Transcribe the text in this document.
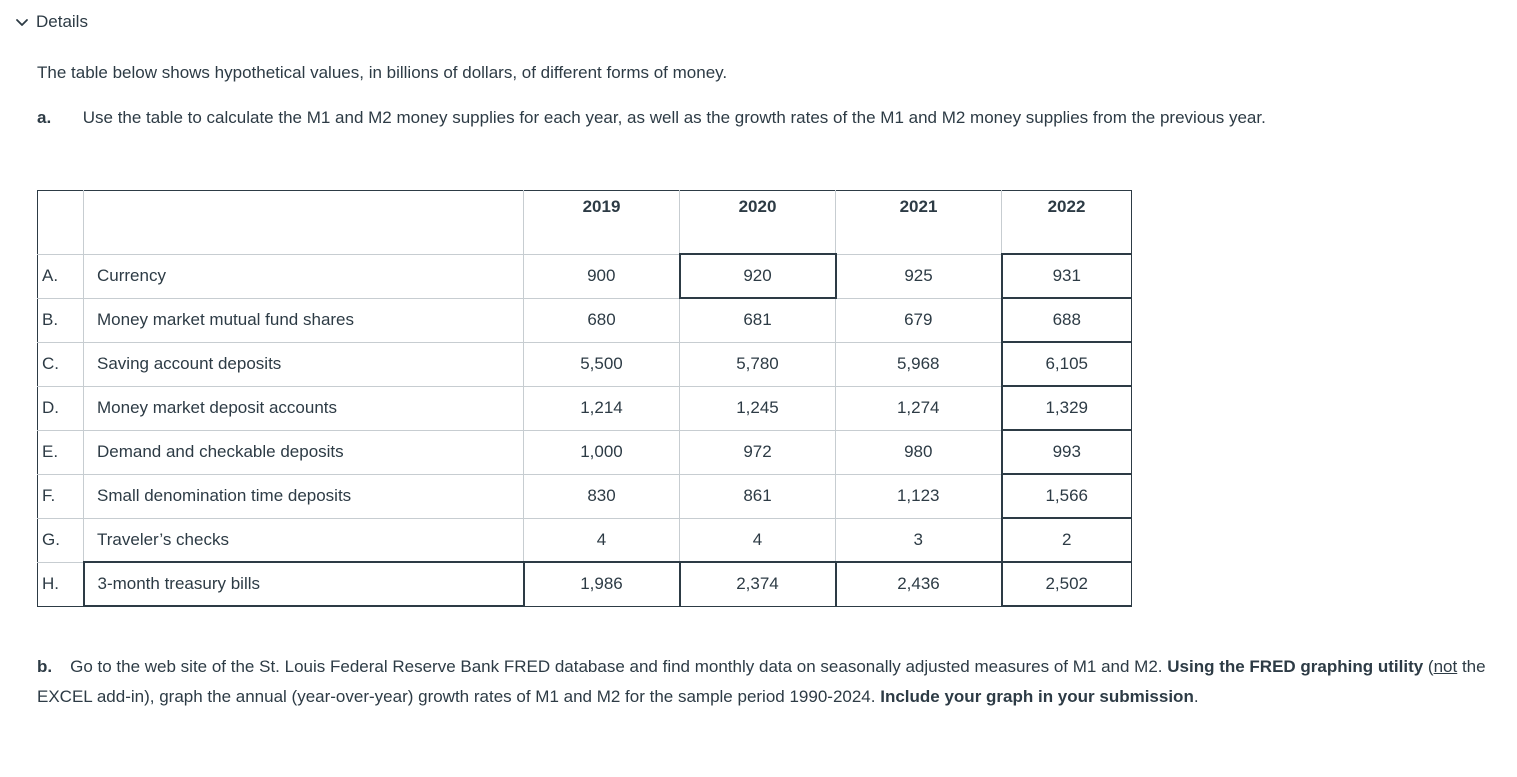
Details
The table below shows hypothetical values, in billions of dollars, of different forms of money.
a. Use the table to calculate the M1 and M2 money supplies for each year, as well as the growth rates of the M1 and M2 money supplies from the previous year.
		2019	2020	2021	2022
A.	Currency	900	920	925	931
B.	Money market mutual fund shares	680	681	679	688
C.	Saving account deposits	5,500	5,780	5,968	6,105
D.	Money market deposit accounts	1,214	1,245	1,274	1,329
E.	Demand and checkable deposits	1,000	972	980	993
F.	Small denomination time deposits	830	861	1,123	1,566
G.	Traveler’s checks	4	4	3	2
H.	3-month treasury bills	1,986	2,374	2,436	2,502
b. Go to the web site of the St. Louis Federal Reserve Bank FRED database and find monthly data on seasonally adjusted measures of M1 and M2. Using the FRED graphing utility (not the EXCEL add-in), graph the annual (year-over-year) growth rates of M1 and M2 for the sample period 1990-2024. Include your graph in your submission.
